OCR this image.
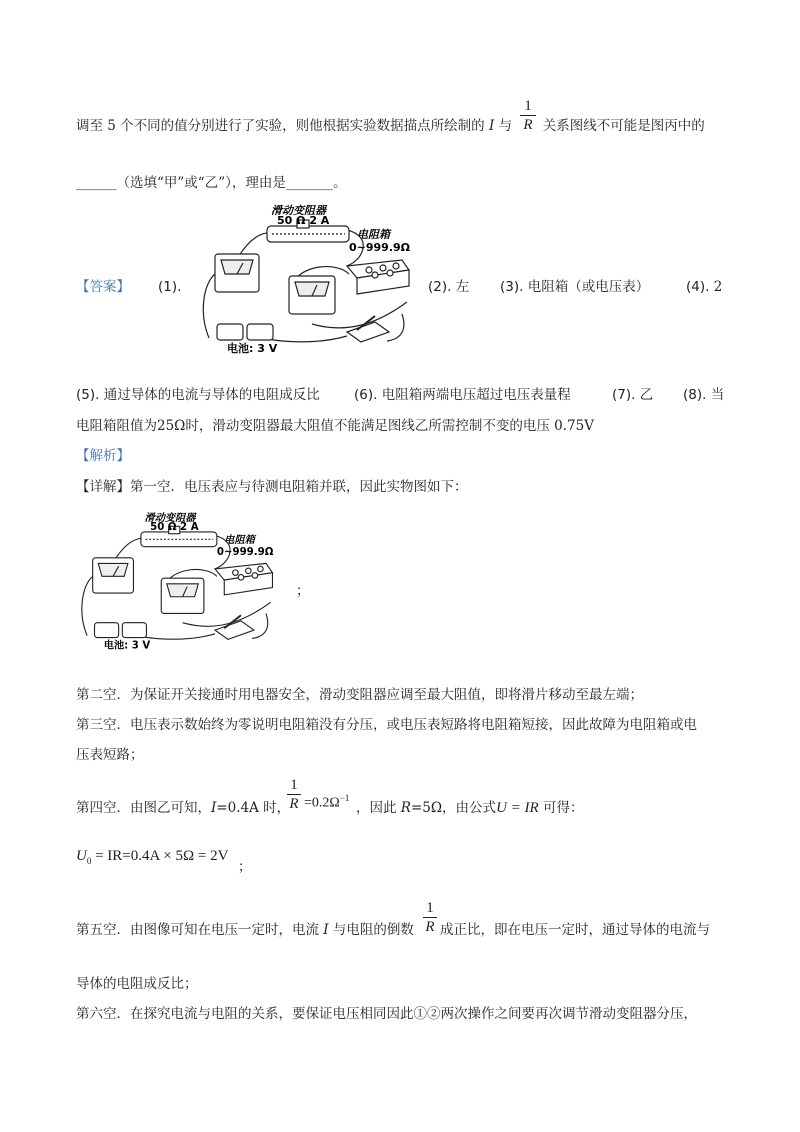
调至 5 个不同的值分别进行了实验，则他根据实验数据描点所绘制的 I 与  关系图线不可能是图丙中的
1
R
______（选填“甲”或“乙”），理由是_______。
滑动变阻器
50 Ω 2 A
电阻箱
0~999.9Ω
电池: 3 V
【答案】 (1).	(2). 左 (3). 电阻箱（或电压表）	(4). 2
(5). 通过导体的电流与导体的电阻成反比	(6). 电阻箱两端电压超过电压表量程	(7). 乙 (8). 当
电阻箱阻值为25Ω时，滑动变阻器最大阻值不能满足图线乙所需控制不变的电压 0.75V
【解析】
【详解】第一空．电压表应与待测电阻箱并联，因此实物图如下：
滑动变阻器
50 Ω 2 A
电阻箱
0~999.9Ω
电池: 3 V
；
第二空．为保证开关接通时用电器安全，滑动变阻器应调至最大阻值，即将滑片移动至最左端；
第三空．电压表示数始终为零说明电阻箱没有分压，或电压表短路将电阻箱短接，因此故障为电阻箱或电
压表短路；
第四空．由图乙可知，I=0.4A 时，
1
$R =0.2\Omega^{-1}$
，因此 R=5Ω，由公式U = IR 可得：
$U_0 = IR=0.4A \times 5\Omega = 2V$
；
第五空．由图像可知在电压一定时，电流 I 与电阻的倒数
1
R 成正比，即在电压一定时，通过导体的电流与
导体的电阻成反比；
第六空．在探究电流与电阻的关系，要保证电压相同因此①②两次操作之间要再次调节滑动变阻器分压，
